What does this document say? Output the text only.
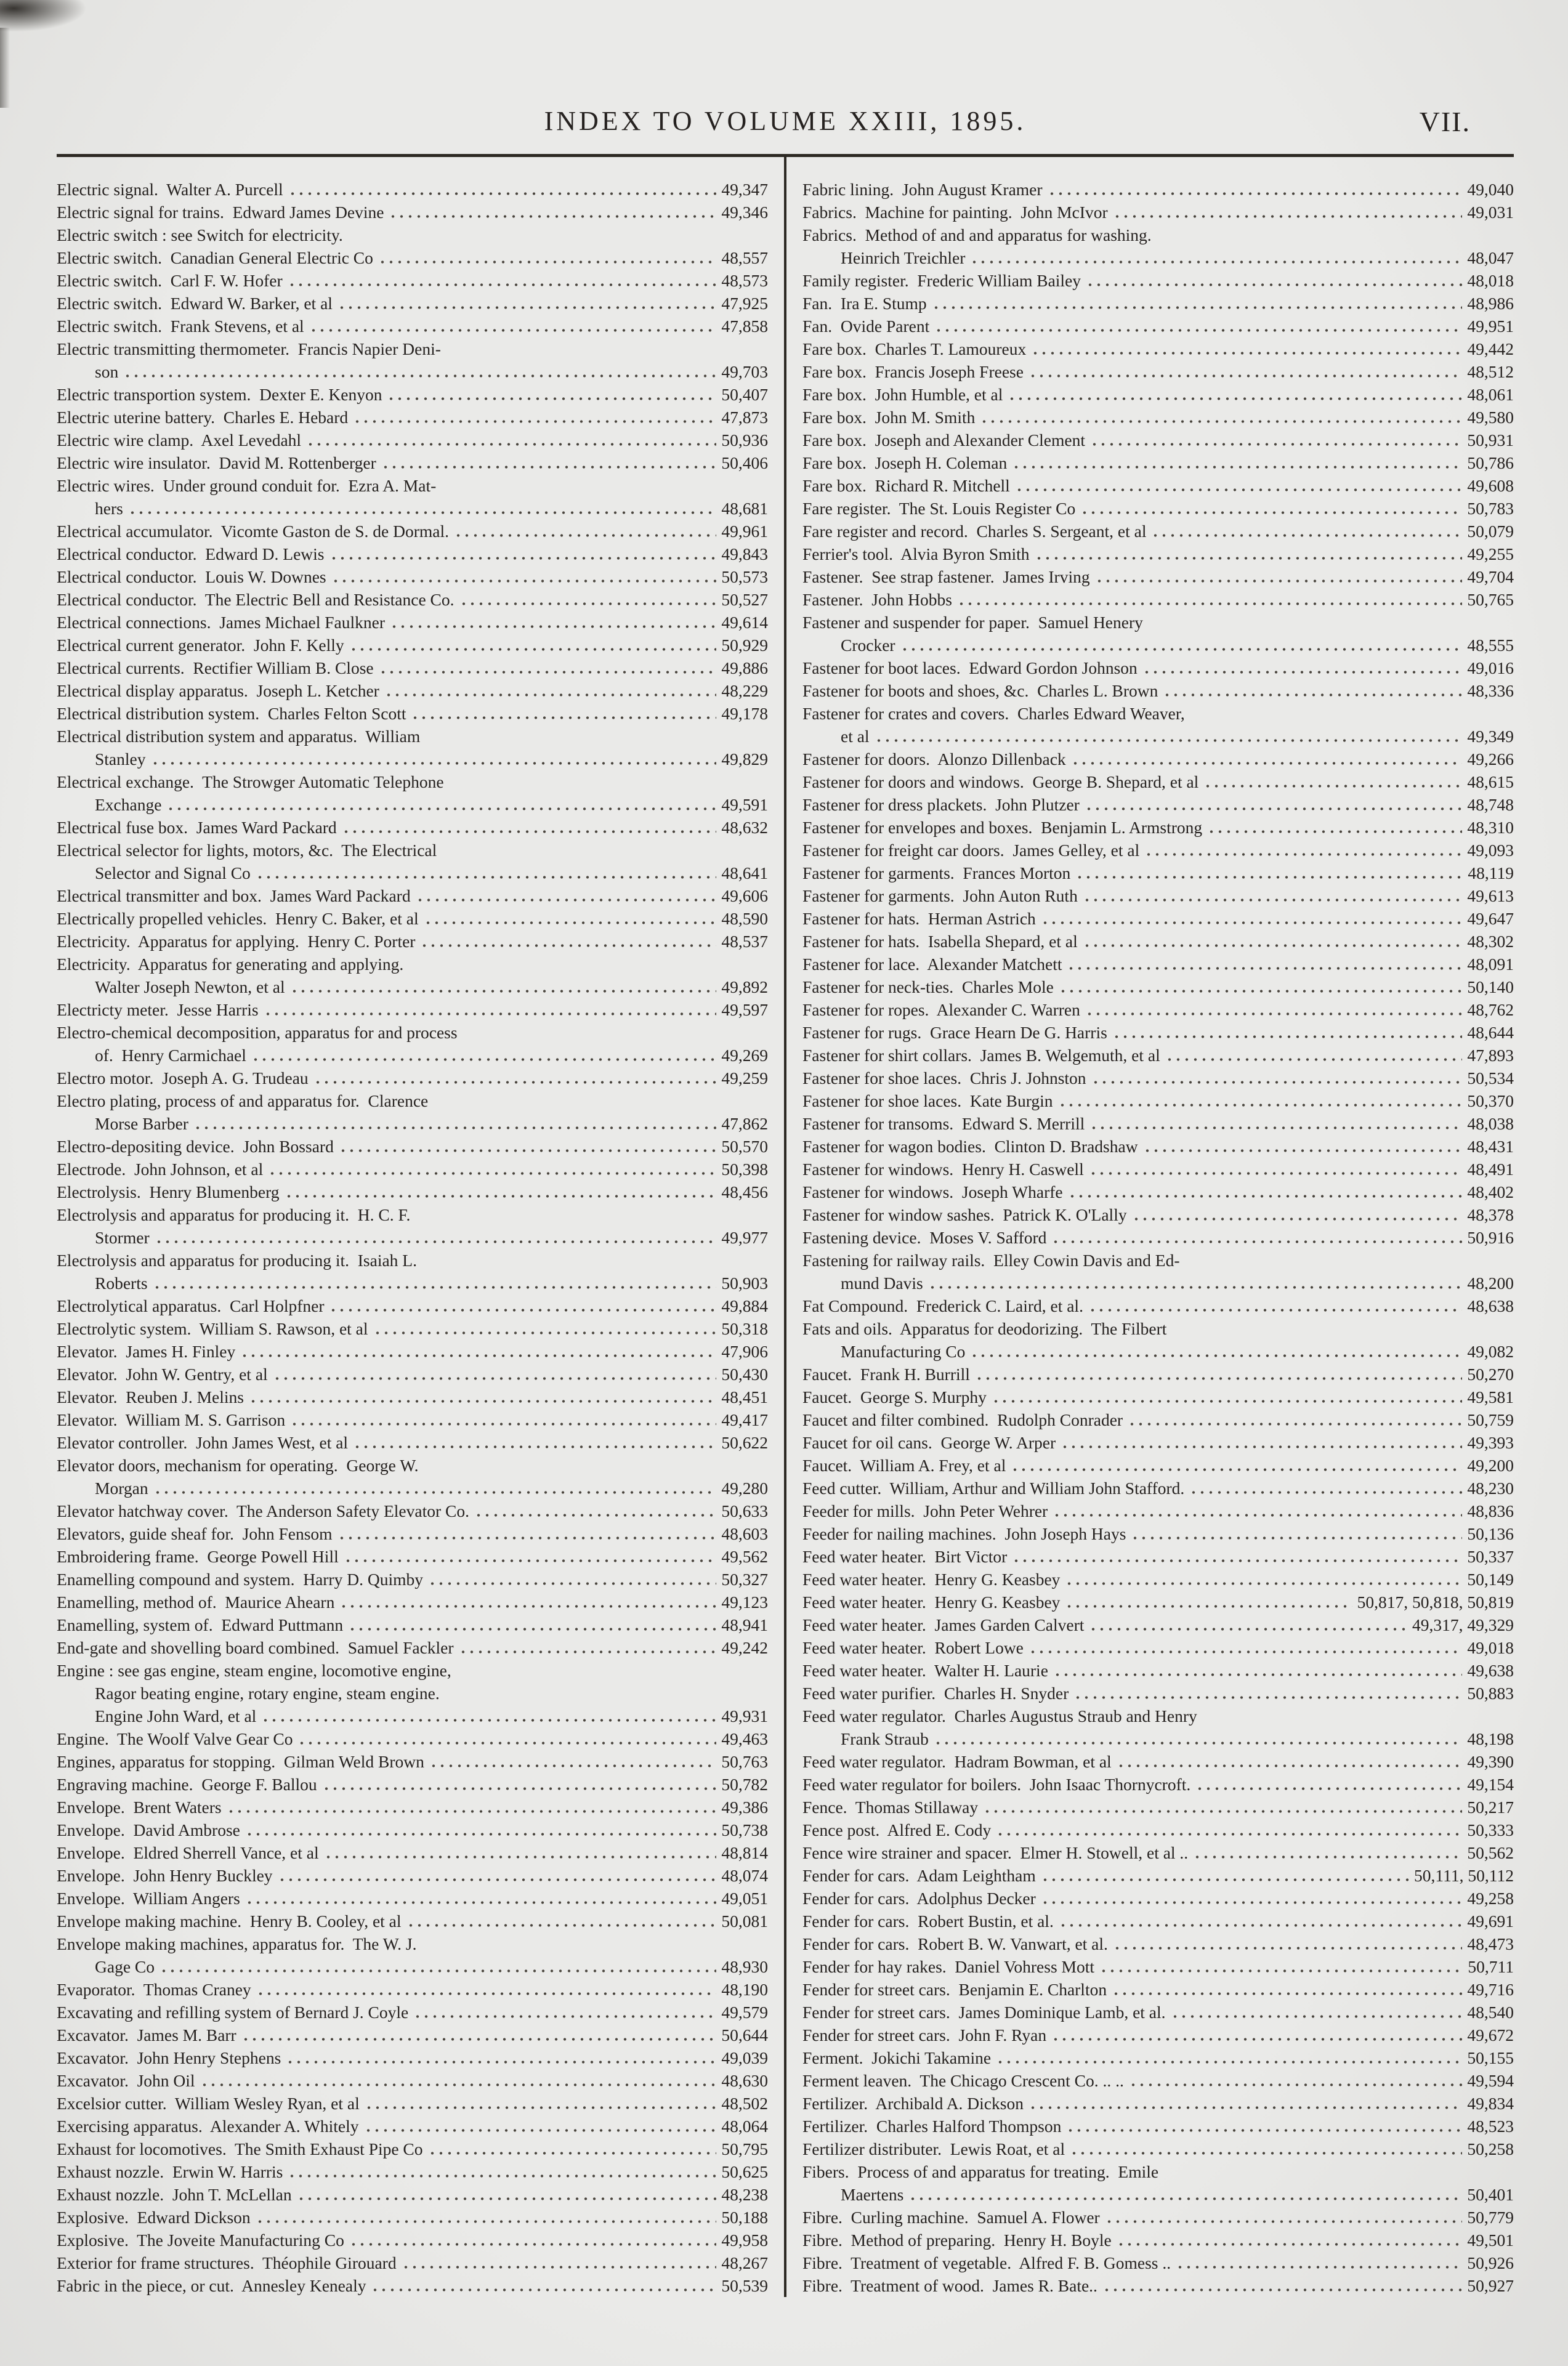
INDEX TO VOLUME XXIII, 1895.	VII.
Electric signal.  Walter A. Purcell	49,347
Electric signal for trains.  Edward James Devine	49,346
Electric switch : see Switch for electricity.
Electric switch.  Canadian General Electric Co	48,557
Electric switch.  Carl F. W. Hofer	48,573
Electric switch.  Edward W. Barker, et al	47,925
Electric switch.  Frank Stevens, et al	47,858
Electric transmitting thermometer.  Francis Napier Deni-
son	49,703
Electric transportion system.  Dexter E. Kenyon	50,407
Electric uterine battery.  Charles E. Hebard	47,873
Electric wire clamp.  Axel Levedahl	50,936
Electric wire insulator.  David M. Rottenberger	50,406
Electric wires.  Under ground conduit for.  Ezra A. Mat-
hers	48,681
Electrical accumulator.  Vicomte Gaston de S. de Dormal.	49,961
Electrical conductor.  Edward D. Lewis	49,843
Electrical conductor.  Louis W. Downes	50,573
Electrical conductor.  The Electric Bell and Resistance Co.	50,527
Electrical connections.  James Michael Faulkner	49,614
Electrical current generator.  John F. Kelly	50,929
Electrical currents.  Rectifier William B. Close	49,886
Electrical display apparatus.  Joseph L. Ketcher	48,229
Electrical distribution system.  Charles Felton Scott	49,178
Electrical distribution system and apparatus.  William
Stanley	49,829
Electrical exchange.  The Strowger Automatic Telephone
Exchange	49,591
Electrical fuse box.  James Ward Packard	48,632
Electrical selector for lights, motors, &c.  The Electrical
Selector and Signal Co	48,641
Electrical transmitter and box.  James Ward Packard	49,606
Electrically propelled vehicles.  Henry C. Baker, et al	48,590
Electricity.  Apparatus for applying.  Henry C. Porter	48,537
Electricity.  Apparatus for generating and applying.
Walter Joseph Newton, et al	49,892
Electricty meter.  Jesse Harris	49,597
Electro-chemical decomposition, apparatus for and process
of.  Henry Carmichael	49,269
Electro motor.  Joseph A. G. Trudeau	49,259
Electro plating, process of and apparatus for.  Clarence
Morse Barber	47,862
Electro-depositing device.  John Bossard	50,570
Electrode.  John Johnson, et al	50,398
Electrolysis.  Henry Blumenberg	48,456
Electrolysis and apparatus for producing it.  H. C. F.
Stormer	49,977
Electrolysis and apparatus for producing it.  Isaiah L.
Roberts	50,903
Electrolytical apparatus.  Carl Holpfner	49,884
Electrolytic system.  William S. Rawson, et al	50,318
Elevator.  James H. Finley	47,906
Elevator.  John W. Gentry, et al	50,430
Elevator.  Reuben J. Melins	48,451
Elevator.  William M. S. Garrison	49,417
Elevator controller.  John James West, et al	50,622
Elevator doors, mechanism for operating.  George W.
Morgan	49,280
Elevator hatchway cover.  The Anderson Safety Elevator Co.	50,633
Elevators, guide sheaf for.  John Fensom	48,603
Embroidering frame.  George Powell Hill	49,562
Enamelling compound and system.  Harry D. Quimby	50,327
Enamelling, method of.  Maurice Ahearn	49,123
Enamelling, system of.  Edward Puttmann	48,941
End-gate and shovelling board combined.  Samuel Fackler	49,242
Engine : see gas engine, steam engine, locomotive engine,
Ragor beating engine, rotary engine, steam engine.
Engine John Ward, et al	49,931
Engine.  The Woolf Valve Gear Co	49,463
Engines, apparatus for stopping.  Gilman Weld Brown	50,763
Engraving machine.  George F. Ballou	50,782
Envelope.  Brent Waters	49,386
Envelope.  David Ambrose	50,738
Envelope.  Eldred Sherrell Vance, et al	48,814
Envelope.  John Henry Buckley	48,074
Envelope.  William Angers	49,051
Envelope making machine.  Henry B. Cooley, et al	50,081
Envelope making machines, apparatus for.  The W. J.
Gage Co	48,930
Evaporator.  Thomas Craney	48,190
Excavating and refilling system of Bernard J. Coyle	49,579
Excavator.  James M. Barr	50,644
Excavator.  John Henry Stephens	49,039
Excavator.  John Oil	48,630
Excelsior cutter.  William Wesley Ryan, et al	48,502
Exercising apparatus.  Alexander A. Whitely	48,064
Exhaust for locomotives.  The Smith Exhaust Pipe Co	50,795
Exhaust nozzle.  Erwin W. Harris	50,625
Exhaust nozzle.  John T. McLellan	48,238
Explosive.  Edward Dickson	50,188
Explosive.  The Joveite Manufacturing Co	49,958
Exterior for frame structures.  Théophile Girouard	48,267
Fabric in the piece, or cut.  Annesley Kenealy	50,539
Fabric lining.  John August Kramer	49,040
Fabrics.  Machine for painting.  John McIvor	49,031
Fabrics.  Method of and and apparatus for washing.
Heinrich Treichler	48,047
Family register.  Frederic William Bailey	48,018
Fan.  Ira E. Stump	48,986
Fan.  Ovide Parent	49,951
Fare box.  Charles T. Lamoureux	49,442
Fare box.  Francis Joseph Freese	48,512
Fare box.  John Humble, et al	48,061
Fare box.  John M. Smith	49,580
Fare box.  Joseph and Alexander Clement	50,931
Fare box.  Joseph H. Coleman	50,786
Fare box.  Richard R. Mitchell	49,608
Fare register.  The St. Louis Register Co	50,783
Fare register and record.  Charles S. Sergeant, et al	50,079
Ferrier's tool.  Alvia Byron Smith	49,255
Fastener.  See strap fastener.  James Irving	49,704
Fastener.  John Hobbs	50,765
Fastener and suspender for paper.  Samuel Henery
Crocker	48,555
Fastener for boot laces.  Edward Gordon Johnson	49,016
Fastener for boots and shoes, &c.  Charles L. Brown	48,336
Fastener for crates and covers.  Charles Edward Weaver,
et al	49,349
Fastener for doors.  Alonzo Dillenback	49,266
Fastener for doors and windows.  George B. Shepard, et al	48,615
Fastener for dress plackets.  John Plutzer	48,748
Fastener for envelopes and boxes.  Benjamin L. Armstrong	48,310
Fastener for freight car doors.  James Gelley, et al	49,093
Fastener for garments.  Frances Morton	48,119
Fastener for garments.  John Auton Ruth	49,613
Fastener for hats.  Herman Astrich	49,647
Fastener for hats.  Isabella Shepard, et al	48,302
Fastener for lace.  Alexander Matchett	48,091
Fastener for neck-ties.  Charles Mole	50,140
Fastener for ropes.  Alexander C. Warren	48,762
Fastener for rugs.  Grace Hearn De G. Harris	48,644
Fastener for shirt collars.  James B. Welgemuth, et al	47,893
Fastener for shoe laces.  Chris J. Johnston	50,534
Fastener for shoe laces.  Kate Burgin	50,370
Fastener for transoms.  Edward S. Merrill	48,038
Fastener for wagon bodies.  Clinton D. Bradshaw	48,431
Fastener for windows.  Henry H. Caswell	48,491
Fastener for windows.  Joseph Wharfe	48,402
Fastener for window sashes.  Patrick K. O'Lally	48,378
Fastening device.  Moses V. Safford	50,916
Fastening for railway rails.  Elley Cowin Davis and Ed-
mund Davis	48,200
Fat Compound.  Frederick C. Laird, et al.	48,638
Fats and oils.  Apparatus for deodorizing.  The Filbert
Manufacturing Co	49,082
Faucet.  Frank H. Burrill	50,270
Faucet.  George S. Murphy	49,581
Faucet and filter combined.  Rudolph Conrader	50,759
Faucet for oil cans.  George W. Arper	49,393
Faucet.  William A. Frey, et al	49,200
Feed cutter.  William, Arthur and William John Stafford.	48,230
Feeder for mills.  John Peter Wehrer	48,836
Feeder for nailing machines.  John Joseph Hays	50,136
Feed water heater.  Birt Victor	50,337
Feed water heater.  Henry G. Keasbey	50,149
Feed water heater.  Henry G. Keasbey	50,817, 50,818, 50,819
Feed water heater.  James Garden Calvert	49,317, 49,329
Feed water heater.  Robert Lowe	49,018
Feed water heater.  Walter H. Laurie	49,638
Feed water purifier.  Charles H. Snyder	50,883
Feed water regulator.  Charles Augustus Straub and Henry
Frank Straub	48,198
Feed water regulator.  Hadram Bowman, et al	49,390
Feed water regulator for boilers.  John Isaac Thornycroft.	49,154
Fence.  Thomas Stillaway	50,217
Fence post.  Alfred E. Cody	50,333
Fence wire strainer and spacer.  Elmer H. Stowell, et al ..	50,562
Fender for cars.  Adam Leightham	50,111, 50,112
Fender for cars.  Adolphus Decker	49,258
Fender for cars.  Robert Bustin, et al.	49,691
Fender for cars.  Robert B. W. Vanwart, et al.	48,473
Fender for hay rakes.  Daniel Vohress Mott	50,711
Fender for street cars.  Benjamin E. Charlton	49,716
Fender for street cars.  James Dominique Lamb, et al.	48,540
Fender for street cars.  John F. Ryan	49,672
Ferment.  Jokichi Takamine	50,155
Ferment leaven.  The Chicago Crescent Co. .. ..	49,594
Fertilizer.  Archibald A. Dickson	49,834
Fertilizer.  Charles Halford Thompson	48,523
Fertilizer distributer.  Lewis Roat, et al	50,258
Fibers.  Process of and apparatus for treating.  Emile
Maertens	50,401
Fibre.  Curling machine.  Samuel A. Flower	50,779
Fibre.  Method of preparing.  Henry H. Boyle	49,501
Fibre.  Treatment of vegetable.  Alfred F. B. Gomess ..	50,926
Fibre.  Treatment of wood.  James R. Bate..	50,927
